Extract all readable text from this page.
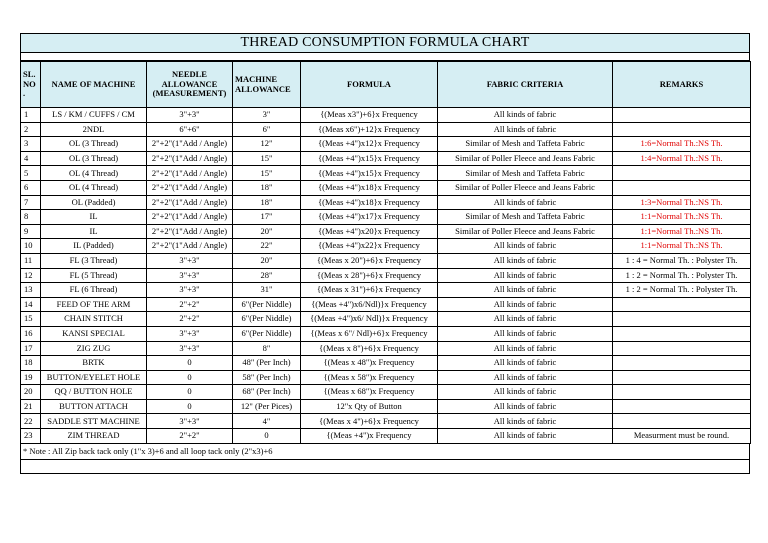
THREAD CONSUMPTION FORMULA CHART
SL. NO .	NAME OF MACHINE	NEEDLE ALLOWANCE (MEASUREMENT)	MACHINE ALLOWANCE	FORMULA	FABRIC CRITERIA	REMARKS
1	LS / KM / CUFFS / CM	3"+3"	3"	{(Meas x3")+6}x Frequency	All kinds of fabric	
2	2NDL	6"+6"	6"	{(Meas x6")+12}x Frequency	All kinds of fabric	
3	OL (3 Thread)	2"+2"(1"Add / Angle)	12"	{(Meas +4")x12}x Frequency	Similar of Mesh and Taffeta Fabric	1:6=Normal Th.:NS Th.
4	OL (3 Thread)	2"+2"(1"Add / Angle)	15"	{(Meas +4")x15}x Frequency	Similar of Poller Fleece and Jeans Fabric	1:4=Normal Th.:NS Th.
5	OL (4 Thread)	2"+2"(1"Add / Angle)	15"	{(Meas +4")x15}x Frequency	Similar of Mesh and Taffeta Fabric	
6	OL (4 Thread)	2"+2"(1"Add / Angle)	18"	{(Meas +4")x18}x Frequency	Similar of Poller Fleece and Jeans Fabric	
7	OL (Padded)	2"+2"(1"Add / Angle)	18"	{(Meas +4")x18}x Frequency	All kinds of fabric	1:3=Normal Th.:NS Th.
8	IL	2"+2"(1"Add / Angle)	17"	{(Meas +4")x17}x Frequency	Similar of Mesh and Taffeta Fabric	1:1=Normal Th.:NS Th.
9	IL	2"+2"(1"Add / Angle)	20"	{(Meas +4")x20}x Frequency	Similar of Poller Fleece and Jeans Fabric	1:1=Normal Th.:NS Th.
10	IL (Padded)	2"+2"(1"Add / Angle)	22"	{(Meas +4")x22}x Frequency	All kinds of fabric	1:1=Normal Th.:NS Th.
11	FL (3 Thread)	3"+3"	20"	{(Meas x 20")+6}x Frequency	All kinds of fabric	1 : 4 = Normal Th. : Polyster Th.
12	FL (5 Thread)	3"+3"	28"	{(Meas x 28")+6}x Frequency	All kinds of fabric	1 : 2 = Normal Th. : Polyster Th.
13	FL (6 Thread)	3"+3"	31"	{(Meas x 31")+6}x Frequency	All kinds of fabric	1 : 2 = Normal Th. : Polyster Th.
14	FEED OF THE ARM	2"+2"	6"(Per Niddle)	{(Meas +4")x6/Ndl)}x Frequency	All kinds of fabric	
15	CHAIN STITCH	2"+2"	6"(Per Niddle)	{(Meas +4")x6/ Ndl)}x Frequency	All kinds of fabric	
16	KANSI SPECIAL	3"+3"	6"(Per Niddle)	{(Meas x 6"/ Ndl)+6}x Frequency	All kinds of fabric	
17	ZIG ZUG	3"+3"	8"	{(Meas x 8")+6}x Frequency	All kinds of fabric	
18	BRTK	0	48" (Per Inch)	{(Meas x 48")x Frequency	All kinds of fabric	
19	BUTTON/EYELET HOLE	0	58" (Per Inch)	{(Meas x 58")x Frequency	All kinds of fabric	
20	QQ / BUTTON HOLE	0	68" (Per Inch)	{(Meas x 68")x Frequency	All kinds of fabric	
21	BUTTON ATTACH	0	12" (Per Pices)	12"x Qty of Button	All kinds of fabric	
22	SADDLE STT MACHINE	3"+3"	4"	{(Meas x 4")+6}x Frequency	All kinds of fabric	
23	ZIM THREAD	2"+2"	0	{(Meas +4")x Frequency	All kinds of fabric	Measurment must be round.
* Note : All Zip back tack only (1"x 3)+6 and all loop tack only (2"x3)+6
